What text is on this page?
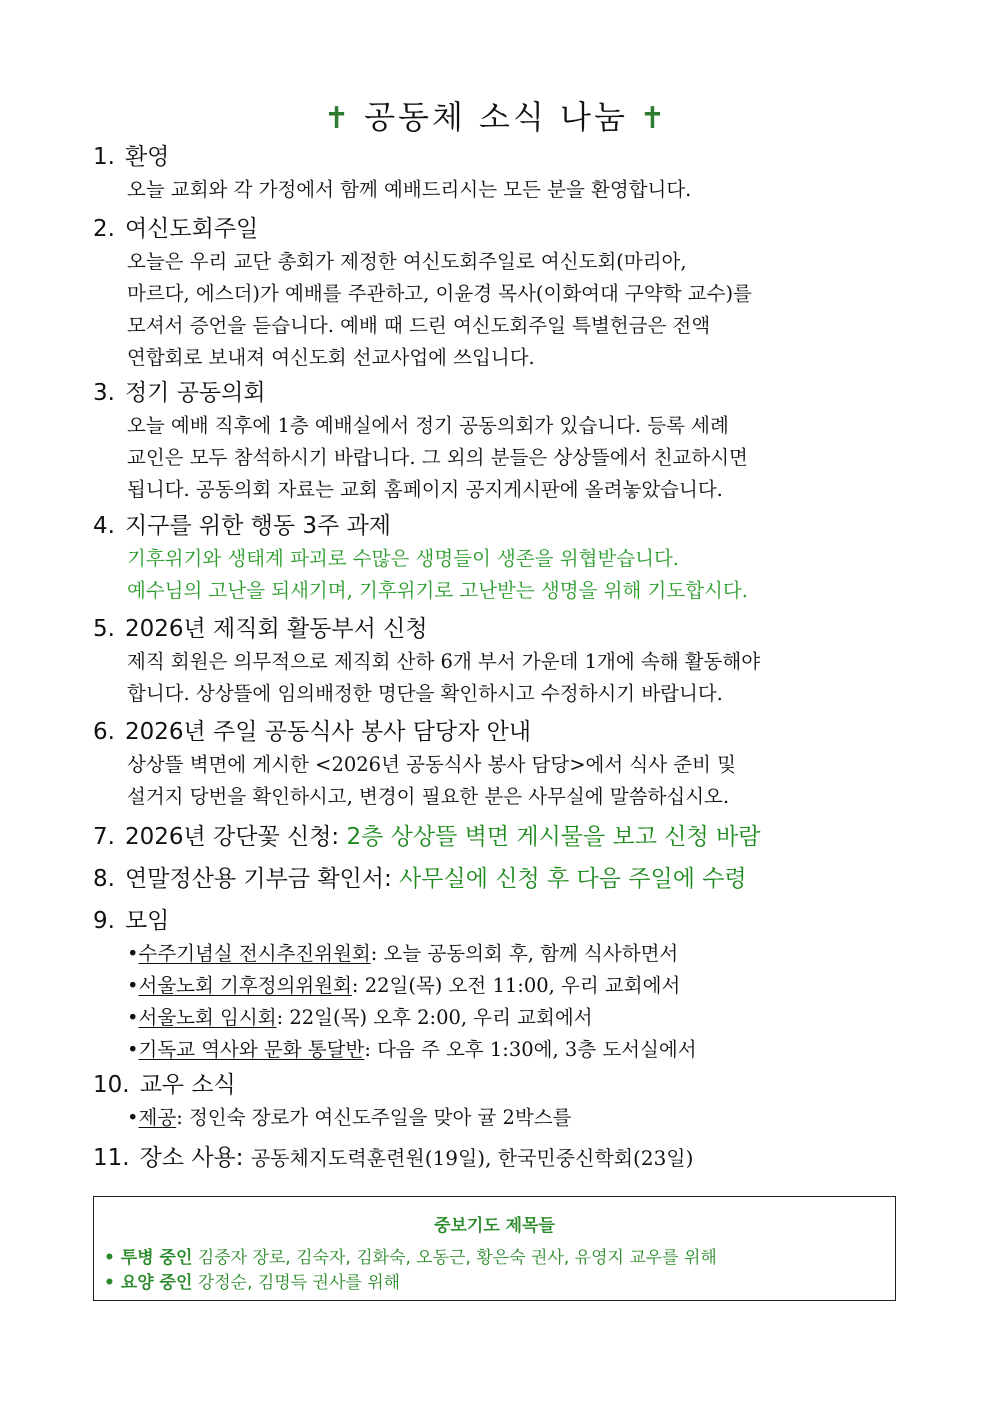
✝ 공동체 소식 나눔 ✝
1. 환영
오늘 교회와 각 가정에서 함께 예배드리시는 모든 분을 환영합니다.
2. 여신도회주일
오늘은 우리 교단 총회가 제정한 여신도회주일로 여신도회(마리아,
마르다, 에스더)가 예배를 주관하고, 이윤경 목사(이화여대 구약학 교수)를
모셔서 증언을 듣습니다. 예배 때 드린 여신도회주일 특별헌금은 전액
연합회로 보내져 여신도회 선교사업에 쓰입니다.
3. 정기 공동의회
오늘 예배 직후에 1층 예배실에서 정기 공동의회가 있습니다. 등록 세례
교인은 모두 참석하시기 바랍니다. 그 외의 분들은 상상뜰에서 친교하시면
됩니다. 공동의회 자료는 교회 홈페이지 공지게시판에 올려놓았습니다.
4. 지구를 위한 행동 3주 과제
기후위기와 생태계 파괴로 수많은 생명들이 생존을 위협받습니다.
예수님의 고난을 되새기며, 기후위기로 고난받는 생명을 위해 기도합시다.
5. 2026년 제직회 활동부서 신청
제직 회원은 의무적으로 제직회 산하 6개 부서 가운데 1개에 속해 활동해야
합니다. 상상뜰에 임의배정한 명단을 확인하시고 수정하시기 바랍니다.
6. 2026년 주일 공동식사 봉사 담당자 안내
상상뜰 벽면에 게시한 <2026년 공동식사 봉사 담당>에서 식사 준비 및
설거지 당번을 확인하시고, 변경이 필요한 분은 사무실에 말씀하십시오.
7. 2026년 강단꽃 신청: 2층 상상뜰 벽면 게시물을 보고 신청 바람
8. 연말정산용 기부금 확인서: 사무실에 신청 후 다음 주일에 수령
9. 모임
•수주기념실 전시추진위원회: 오늘 공동의회 후, 함께 식사하면서
•서울노회 기후정의위원회: 22일(목) 오전 11:00, 우리 교회에서
•서울노회 임시회: 22일(목) 오후 2:00, 우리 교회에서
•기독교 역사와 문화 통달반: 다음 주 오후 1:30에, 3층 도서실에서
10. 교우 소식
•제공: 정인숙 장로가 여신도주일을 맞아 귤 2박스를
11. 장소 사용: 공동체지도력훈련원(19일), 한국민중신학회(23일)
중보기도 제목들
• 투병 중인 김중자 장로, 김숙자, 김화숙, 오동근, 황은숙 권사, 유영지 교우를 위해
• 요양 중인 강정순, 김명득 권사를 위해
